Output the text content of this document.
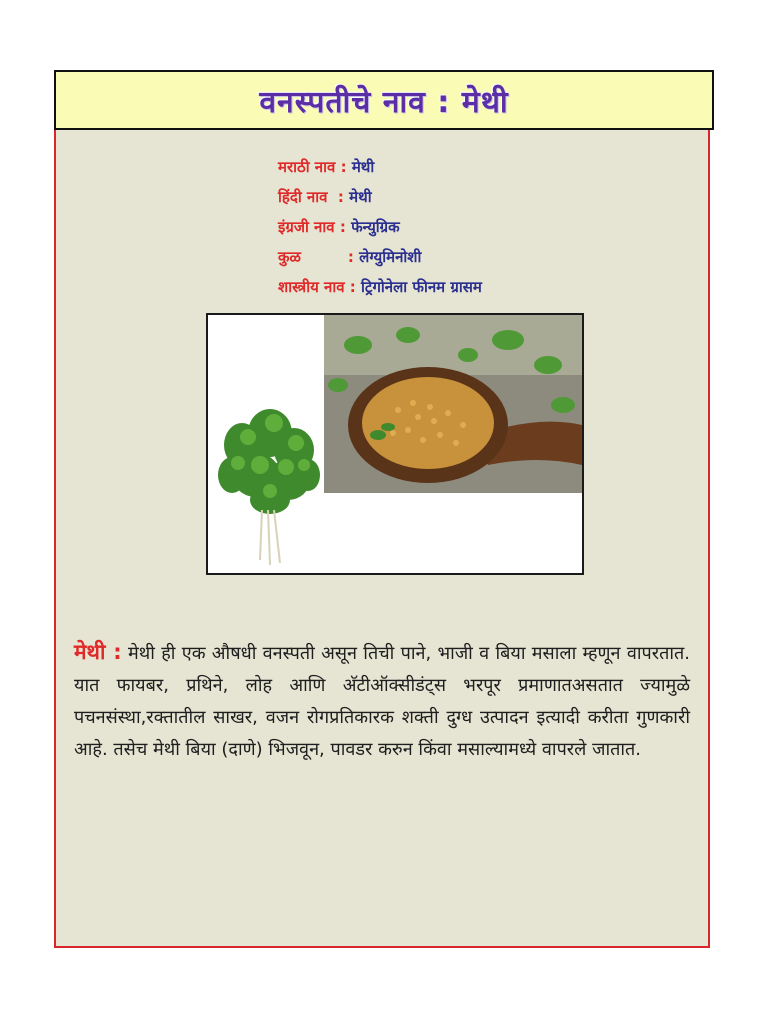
वनस्पतीचे नाव : मेथी
मराठी नाव :
मेथी
हिंदी नाव  :
मेथी
इंग्रजी नाव :
फेन्युग्रिक
कुळ         :
लेग्युमिनोशी
शास्त्रीय नाव :
ट्रिगोनेला फीनम ग्रासम
मेथी : मेथी ही एक औषधी वनस्पती असून तिची पाने, भाजी व बिया मसाला म्हणून वापरतात. यात फायबर, प्रथिने, लोह आणि अ‍ॅटीऑक्सीडंट्स भरपूर प्रमाणातअसतात ज्यामुळे पचनसंस्था,रक्तातील साखर, वजन रोगप्रतिकारक शक्ती दुग्ध उत्पादन इत्यादी करीता गुणकारी आहे. तसेच मेथी बिया (दाणे) भिजवून, पावडर करुन किंवा मसाल्यामध्ये वापरले जातात.
